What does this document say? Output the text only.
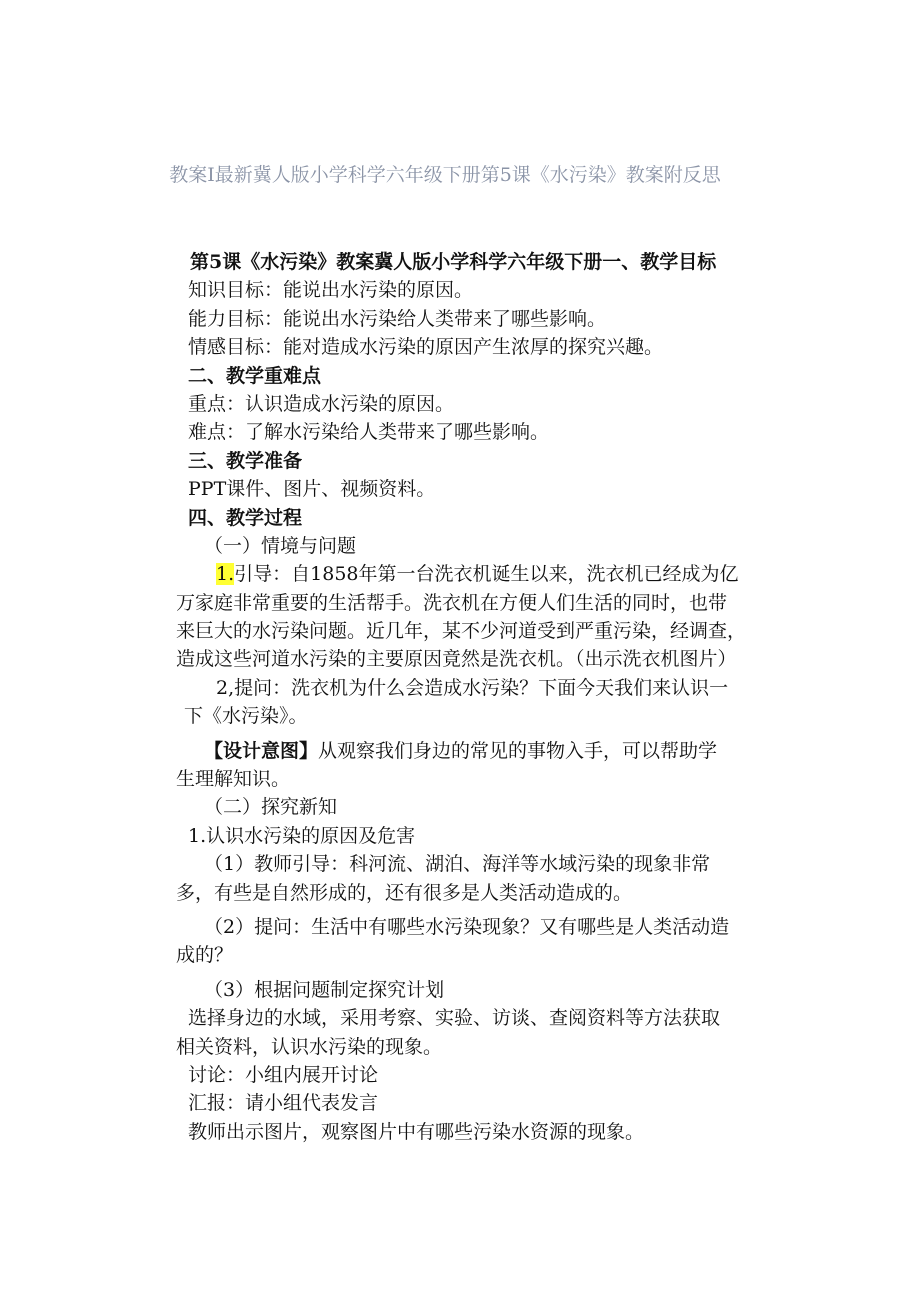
教案I最新冀人版小学科学六年级下册第5课《水污染》教案附反思
第5课《水污染》教案冀人版小学科学六年级下册一、教学目标
知识目标：能说出水污染的原因。
能力目标：能说出水污染给人类带来了哪些影响。
情感目标：能对造成水污染的原因产生浓厚的探究兴趣。
二、教学重难点
重点：认识造成水污染的原因。
难点：了解水污染给人类带来了哪些影响。
三、教学准备
PPT课件、图片、视频资料。
四、教学过程
（一）情境与问题
1.引导：自1858年第一台洗衣机诞生以来，洗衣机已经成为亿
万家庭非常重要的生活帮手。洗衣机在方便人们生活的同时，也带
来巨大的水污染问题。近几年，某不少河道受到严重污染，经调查，
造成这些河道水污染的主要原因竟然是洗衣机。（出示洗衣机图片）
2,提问：洗衣机为什么会造成水污染？下面今天我们来认识一
下《水污染》。
【设计意图】从观察我们身边的常见的事物入手，可以帮助学
生理解知识。
（二）探究新知
1.认识水污染的原因及危害
（1）教师引导：科河流、湖泊、海洋等水域污染的现象非常
多，有些是自然形成的，还有很多是人类活动造成的。
（2）提问：生活中有哪些水污染现象？又有哪些是人类活动造
成的？
（3）根据问题制定探究计划
选择身边的水域，采用考察、实验、访谈、查阅资料等方法获取
相关资料，认识水污染的现象。
讨论：小组内展开讨论
汇报：请小组代表发言
教师出示图片，观察图片中有哪些污染水资源的现象。
